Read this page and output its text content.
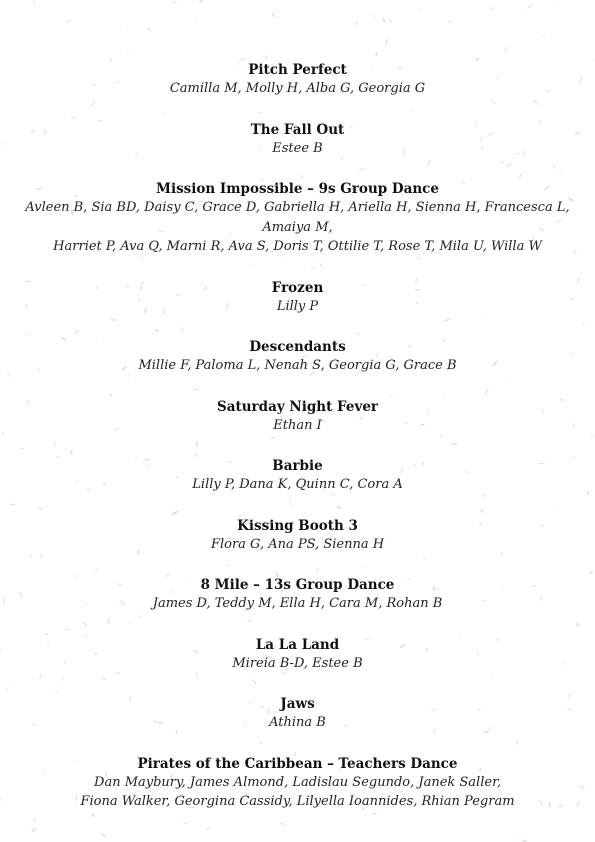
Pitch Perfect
Camilla M, Molly H, Alba G, Georgia G
The Fall Out
Estee B
Mission Impossible – 9s Group Dance
Avleen B, Sia BD, Daisy C, Grace D, Gabriella H, Ariella H, Sienna H, Francesca L, Amaiya M,
Harriet P, Ava Q, Marni R, Ava S, Doris T, Ottilie T, Rose T, Mila U, Willa W
Frozen
Lilly P
Descendants
Millie F, Paloma L, Nenah S, Georgia G, Grace B
Saturday Night Fever
Ethan I
Barbie
Lilly P, Dana K, Quinn C, Cora A
Kissing Booth 3
Flora G, Ana PS, Sienna H
8 Mile – 13s Group Dance
James D, Teddy M, Ella H, Cara M, Rohan B
La La Land
Mireia B-D, Estee B
Jaws
Athina B
Pirates of the Caribbean – Teachers Dance
Dan Maybury, James Almond, Ladislau Segundo, Janek Saller,
Fiona Walker, Georgina Cassidy, Lilyella Ioannides, Rhian Pegram
